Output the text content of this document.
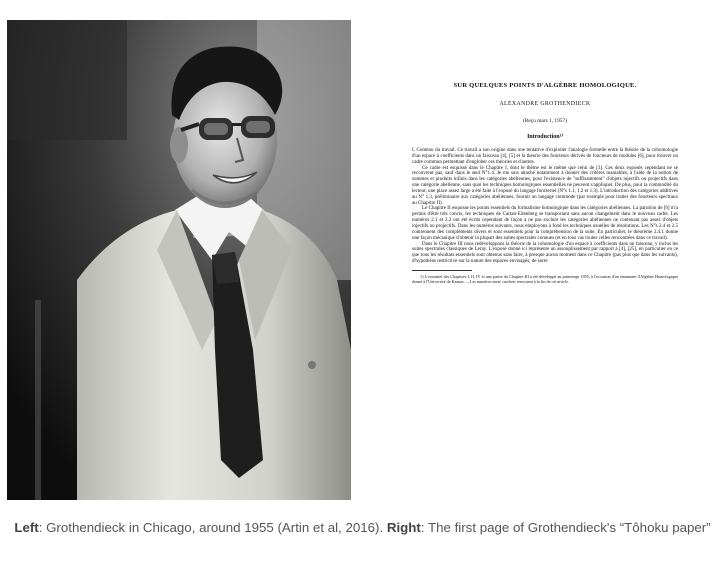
SUR QUELQUES POINTS D'ALGÈBRE HOMOLOGIQUE.
ALEXANDRE GROTHENDIECK
(Reçu mars 1, 1957)
Introduction¹⁾

I. Contenu du travail. Ce travail a son origine dans une tentative d'exploiter l'analogie formelle entre la théorie de la cohomologie d'un espace à coefficients dans un faisceau [4], [5] et la théorie des foncteurs dérivés de foncteurs de modules [6], pour trouver un cadre commun permettant d'englober ces théories et d'autres.

Ce cadre est esquissé dans le Chapitre I, dont le thème est le même que celui de [3]. Ces deux exposés cependant ne se recouvrent pas, sauf dans le seul N°1.4. Je me suis attaché notamment à donner des critères maniables, à l'aide de la notion de sommes et produits infinis dans les catégories abéliennes, pour l'existence de "suffisamment" d'objets injectifs ou projectifs dans une catégorie abélienne, sans quoi les techniques homologiques essentielles ne peuvent s'appliquer. De plus, pour la commodité du lecteur, une place assez large a été faite à l'exposé du langage foncteriel (N°s 1.1, 1.2 et 1.3). L'introduction des catégories additives au N° 1.3, préliminaire aux catégories abéliennes, fournit un langage commode (par exemple pour traiter des foncteurs spectraux au Chapitre II).

Le Chapitre II esquisse les points essentiels du formalisme homologique dans les catégories abéliennes. La parution de [6] m'a permis d'être très concis, les techniques de Cartan-Eilenberg se transportant sans aucun changement dans le nouveau cadre. Les numéros 2.1 et 2.2 ont été écrits cependant de façon à ne pas exclure les catégories abéliennes ne contenant pas assez d'objets injectifs ou projectifs. Dans les numéros suivants, nous employons à fond les techniques usuelles de résolutions. Les N°s 2.4 et 2.5 contiennent des compléments divers et sont essentiels pour la compréhension de la suite. En particulier, le théorème 2.4.1 donne une façon mécanique d'obtenir la plupart des suites spectrales connues (et en tous cas toutes celles rencontrées dans ce travail).

Dans le Chapitre III nous redéveloppons la théorie de la cohomologie d'un espace à coefficients dans un faisceau, y inclus les suites spectrales classiques de Leray. L'exposé donné ici représente un assouplissement par rapport à [4], [25], en particulier en ce que tous les résultats essentiels sont obtenus sans faire, à presque aucun moment dans ce Chapitre (pas plus que dans les suivants), d'hypothèse restrictive sur la nature des espaces envisagés; de sorte

1) L'essentiel des Chapitres I, II, IV et une partie du Chapitre III a été développé au printemps 1955, à l'occasion d'un séminaire d'Algèbre Homologique donné à l'Université de Kansas. —Les numéros entre crochets renvoient à la fin de cet article.

Left: Grothendieck in Chicago, around 1955 (Artin et al, 2016). Right: The first page of Grothendieck's “Tôhoku paper”
